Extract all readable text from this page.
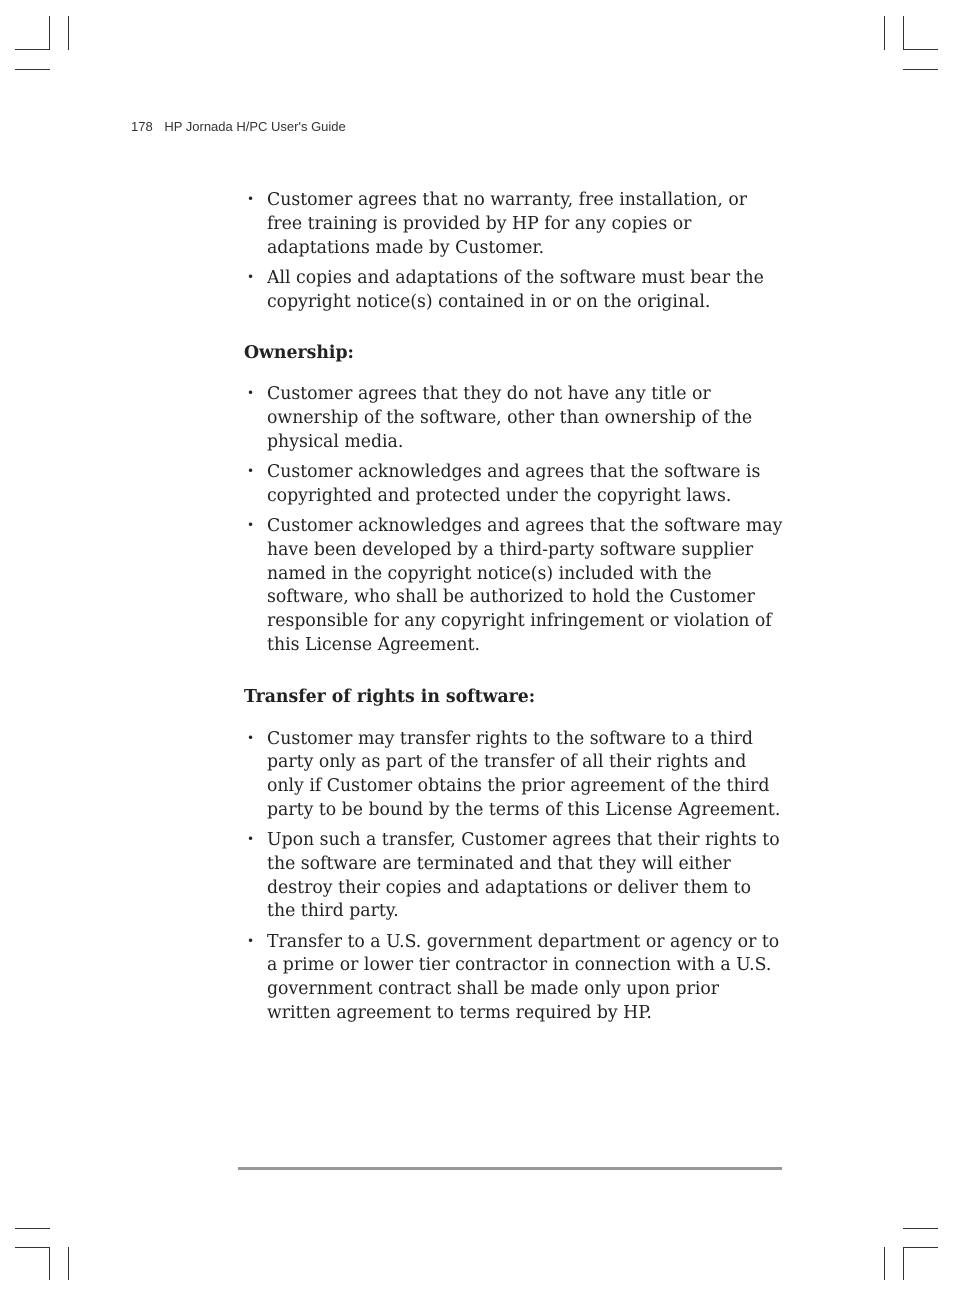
178 HP Jornada H/PC User's Guide
• Customer agrees that no warranty, free installation, or free training is provided by HP for any copies or adaptations made by Customer.
• All copies and adaptations of the software must bear the copyright notice(s) contained in or on the original.

Ownership:

• Customer agrees that they do not have any title or ownership of the software, other than ownership of the physical media.
• Customer acknowledges and agrees that the software is copyrighted and protected under the copyright laws.
• Customer acknowledges and agrees that the software may have been developed by a third-party software supplier named in the copyright notice(s) included with the software, who shall be authorized to hold the Customer responsible for any copyright infringement or violation of this License Agreement.

Transfer of rights in software:

• Customer may transfer rights to the software to a third party only as part of the transfer of all their rights and only if Customer obtains the prior agreement of the third party to be bound by the terms of this License Agreement.
• Upon such a transfer, Customer agrees that their rights to the software are terminated and that they will either destroy their copies and adaptations or deliver them to the third party.
• Transfer to a U.S. government department or agency or to a prime or lower tier contractor in connection with a U.S. government contract shall be made only upon prior written agreement to terms required by HP.
